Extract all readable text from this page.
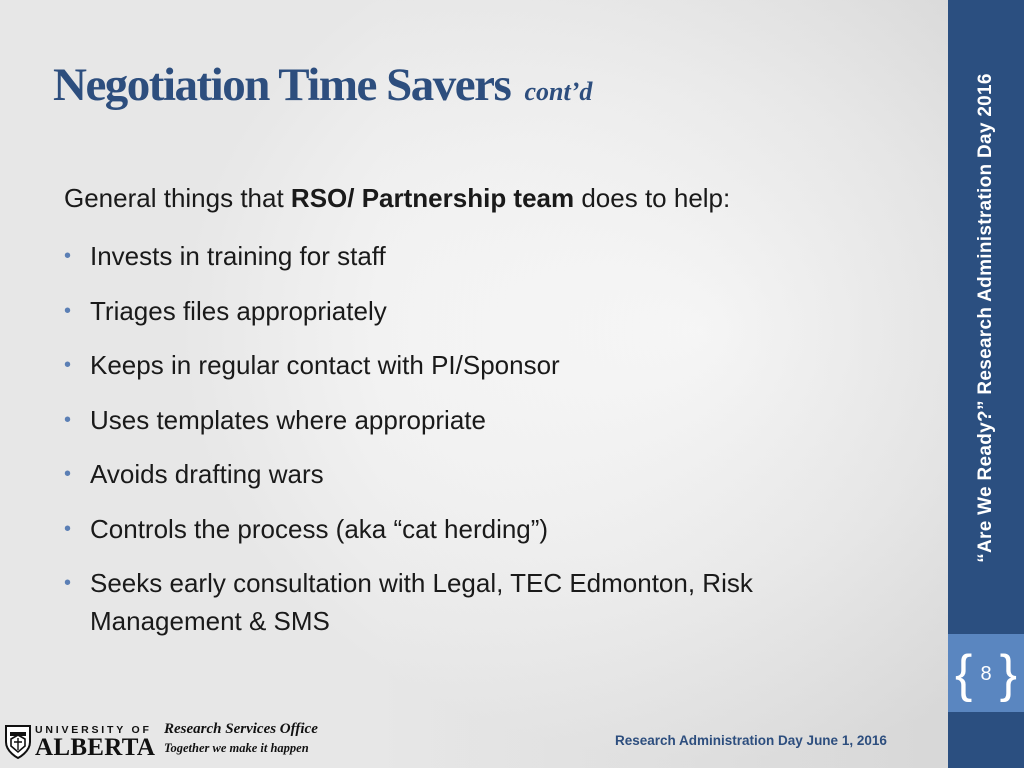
Negotiation Time Savers cont’d
General things that RSO/ Partnership team does to help:
• Invests in training for staff
• Triages files appropriately
• Keeps in regular contact with PI/Sponsor
• Uses templates where appropriate
• Avoids drafting wars
• Controls the process (aka “cat herding”)
• Seeks early consultation with Legal, TEC Edmonton, Risk Management & SMS
UNIVERSITY OF
ALBERTA
Research Services Office
Together we make it happen	Research Administration Day June 1, 2016
“Are We Ready?” Research Administration Day 2016
{ 8 }
